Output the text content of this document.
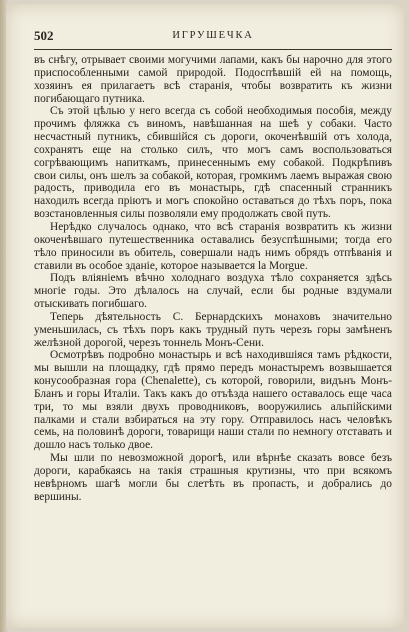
502	ИГРУШЕЧКА

въ снѣгу, отрывает своими могучими лапами, какъ бы нарочно для этого приспособленными самой природой. Подоспѣвшій ей на помощь, хозяинъ ея прилагаетъ всѣ старанія, чтобы возвратить къ жизни погибающаго путника.

Съ этой цѣлью у него всегда съ собой необходимыя пособія, между прочимъ фляжка съ виномъ, навѣшанная на шеѣ у собаки. Часто несчастный путникъ, сбившійся съ дороги, окоченѣвшій отъ холода, сохранятъ еще на столько силъ, что могъ самъ воспользоваться согрѣвающимъ напиткамъ, принесеннымъ ему собакой. Подкрѣпивъ свои силы, онъ шелъ за собакой, которая, громкимъ лаемъ выражая свою радость, приводила его въ монастырь, гдѣ спасенный странникъ находилъ всегда пріютъ и могъ спокойно оставаться до тѣхъ поръ, пока возстановленныя силы позволяли ему продолжать свой путь.

Нерѣдко случалось однако, что всѣ старанія возвратить къ жизни окоченѣвшаго путешественника оставались безуспѣшными; тогда его тѣло приносили въ обитель, совершали надъ нимъ обрядъ отпѣванія и ставили въ особое зданіе, которое называется la Morgue.

Подъ вліяніемъ вѣчно холоднаго воздуха тѣло сохраняется здѣсь многіе годы. Это дѣлалось на случай, если бы родные вздумали отыскивать погибшаго.

Теперь дѣятельность С. Бернардскихъ монаховъ значительно уменьшилась, съ тѣхъ поръ какъ трудный путь черезъ горы замѣненъ желѣзной дорогой, черезъ тоннель Монъ-Сени.

Осмотрѣвъ подробно монастырь и всѣ находившіяся тамъ рѣдкости, мы вышли на площадку, гдѣ прямо передъ монастыремъ возвышается конусообразная гора (Chenalette), съ которой, говорили, видънъ Монъ-Бланъ и горы Италіи. Такъ какъ до отъѣзда нашего оставалось еще часа три, то мы взяли двухъ проводниковъ, вооружились альпійскими палками и стали взбираться на эту гору. Отправилось насъ человѣкъ семь, на половинѣ дороги, товарищи наши стали по немногу отставать и дошло насъ только двое.

Мы шли по невозможной дорогѣ, или вѣрнѣе сказать вовсе безъ дороги, карабкаясь на такія страшныя крутизны, что при всякомъ невѣрномъ шагѣ могли бы слетѣть въ пропасть, и добрались до вершины.
